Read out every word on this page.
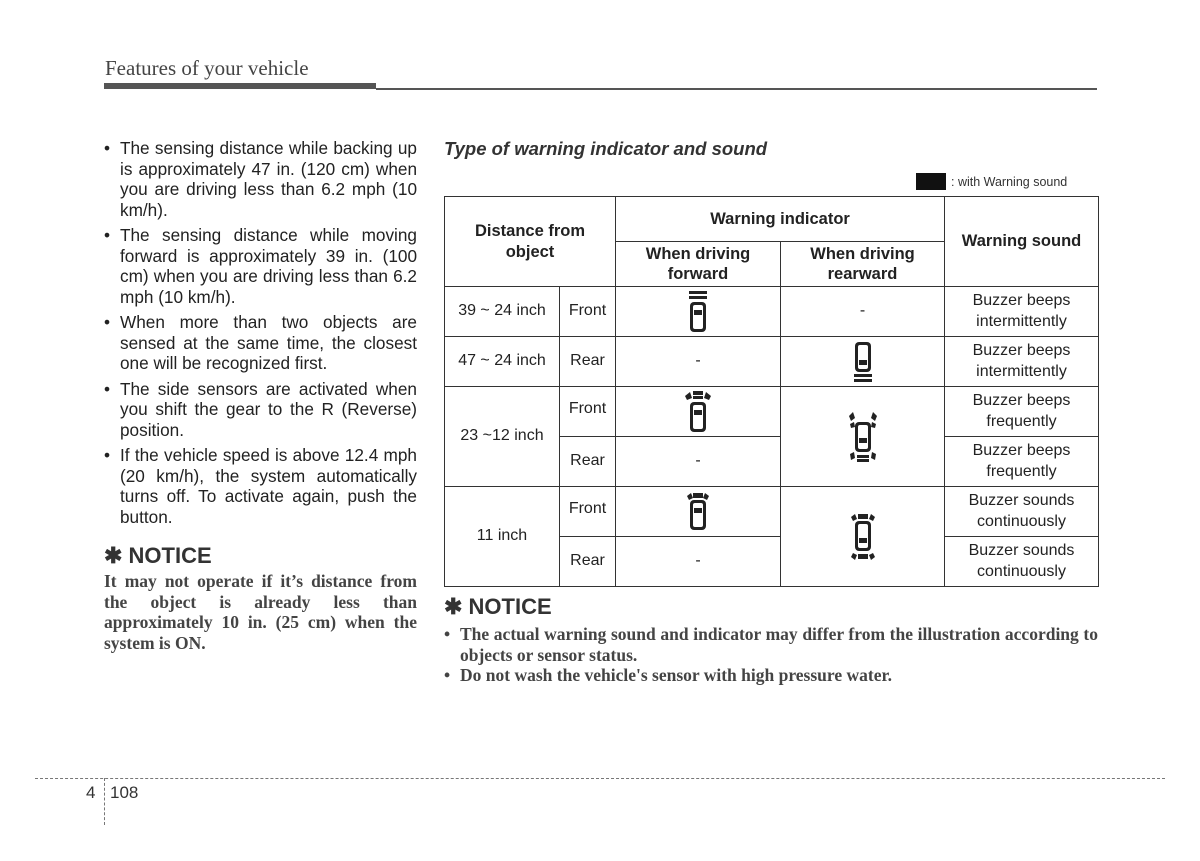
Features of your vehicle
• The sensing distance while backing up is approximately 47 in. (120 cm) when you are driving less than 6.2 mph (10 km/h).
• The sensing distance while moving forward is approximately 39 in. (100 cm) when you are driving less than 6.2 mph (10 km/h).
• When more than two objects are sensed at the same time, the closest one will be recognized first.
• The side sensors are activated when you shift the gear to the R (Reverse) position.
• If the vehicle speed is above 12.4 mph (20 km/h), the system automatically turns off. To activate again, push the button.
✱ NOTICE
It may not operate if it’s distance from the object is already less than approximately 10 in. (25 cm) when the system is ON.
Type of warning indicator and sound
: with Warning sound
Distance from object		Warning indicator		Warning sound
		When driving forward	When driving rearward	
39 ~ 24 inch	Front		-	Buzzer beeps intermittently
47 ~ 24 inch	Rear	-		Buzzer beeps intermittently
23 ~12 inch	Front			Buzzer beeps frequently
	Rear	-		Buzzer beeps frequently
11 inch	Front			Buzzer sounds continuously
	Rear	-		Buzzer sounds continuously
✱ NOTICE
• The actual warning sound and indicator may differ from the illustration according to objects or sensor status.
• Do not wash the vehicle's sensor with high pressure water.
4 108
